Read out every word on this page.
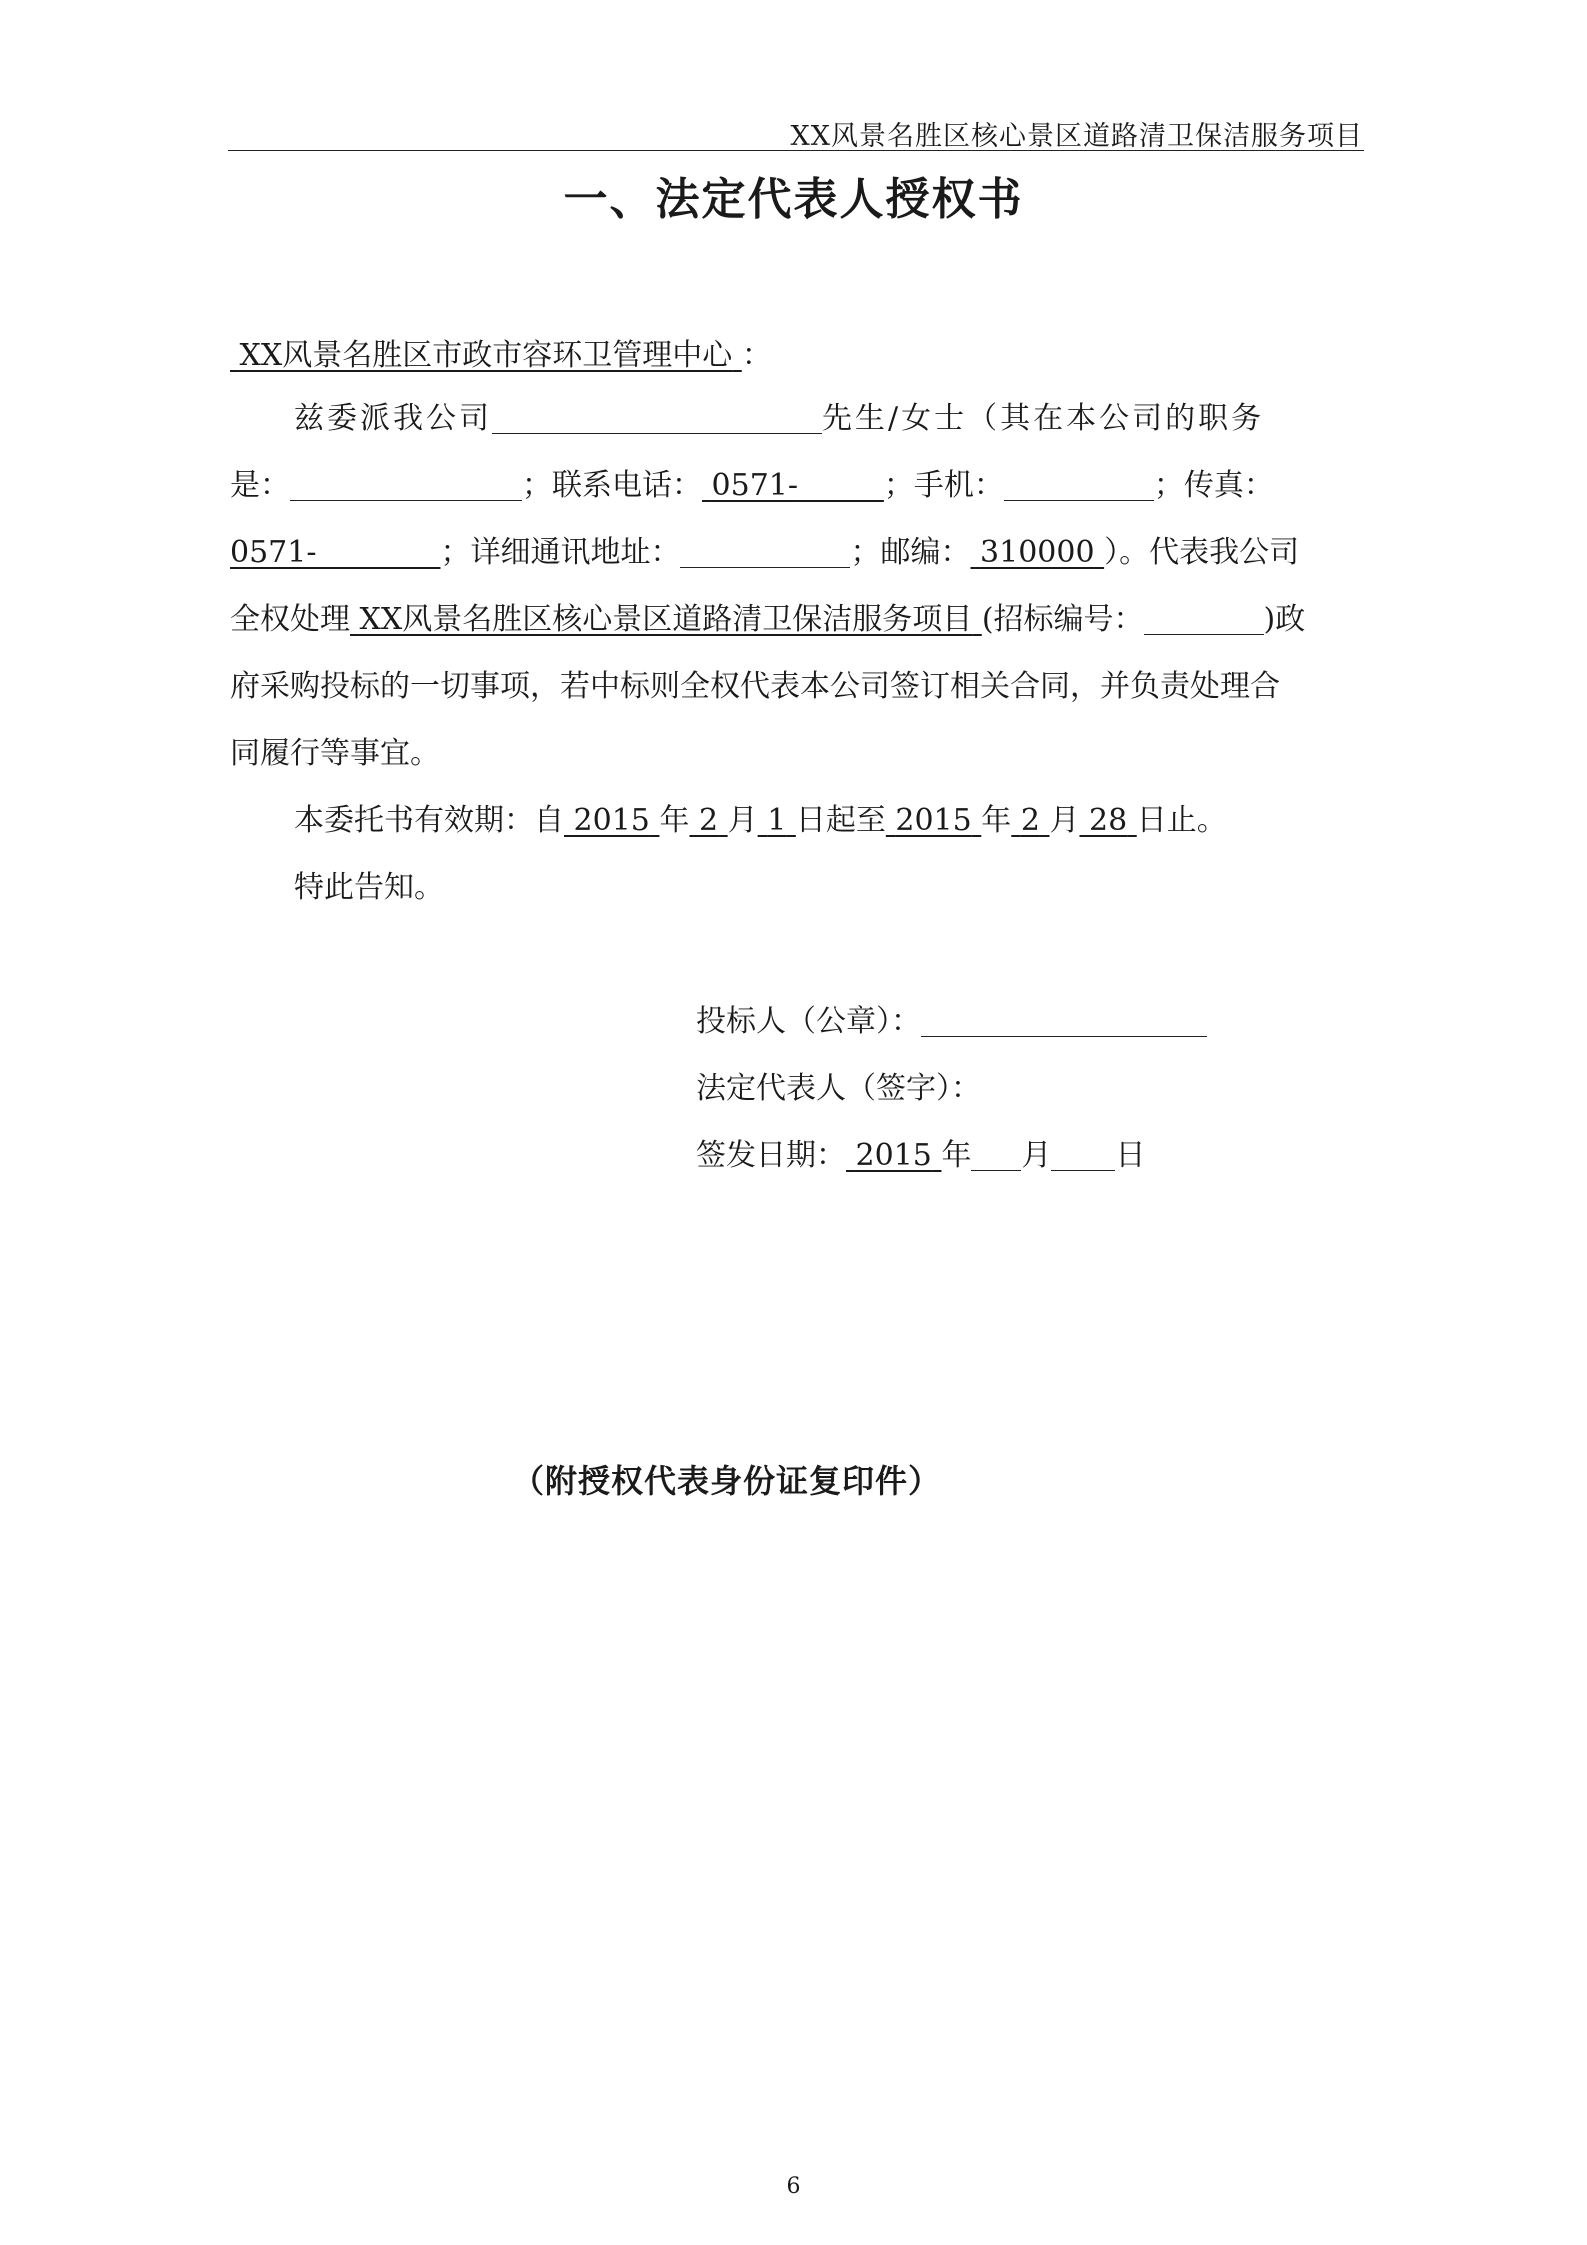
XX风景名胜区核心景区道路清卫保洁服务项目
一、法定代表人授权书
XX风景名胜区市政市容环卫管理中心 ：
兹委派我公司	先生/女士（其在本公司的职务
是：	；联系电话： 0571-	；手机：	；传真：
0571-	；详细通讯地址：	；邮编： 310000 ）。代表我公司
全权处理 XX风景名胜区核心景区道路清卫保洁服务项目 (招标编号：	)政
府采购投标的一切事项，若中标则全权代表本公司签订相关合同，并负责处理合
同履行等事宜。
本委托书有效期：自 2015 年 2 月 1 日起至 2015 年 2 月 28 日止。
特此告知。
投标人（公章）：
法定代表人（签字）：
签发日期： 2015 年 月 日
（附授权代表身份证复印件）
6
